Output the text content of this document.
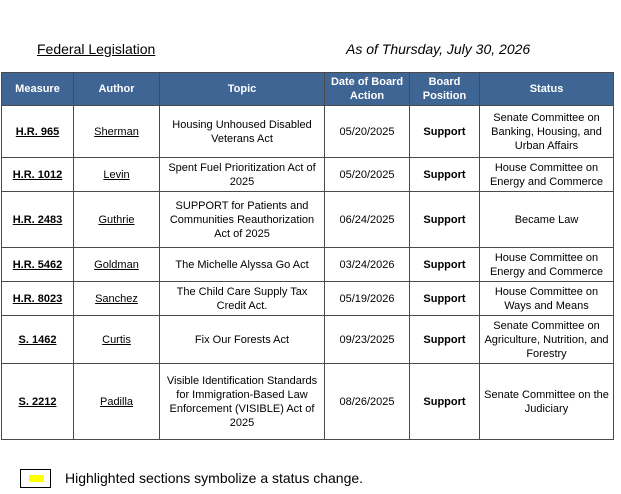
Federal Legislation	As of Thursday, July 30, 2026
Measure	Author	Topic	Date of Board Action	Board Position	Status
H.R. 965	Sherman	Housing Unhoused Disabled Veterans Act	05/20/2025	Support	Senate Committee on Banking, Housing, and Urban Affairs
H.R. 1012	Levin	Spent Fuel Prioritization Act of 2025	05/20/2025	Support	House Committee on Energy and Commerce
H.R. 2483	Guthrie	SUPPORT for Patients and Communities Reauthorization Act of 2025	06/24/2025	Support	Became Law
H.R. 5462	Goldman	The Michelle Alyssa Go Act	03/24/2026	Support	House Committee on Energy and Commerce
H.R. 8023	Sanchez	The Child Care Supply Tax Credit Act.	05/19/2026	Support	House Committee on Ways and Means
S. 1462	Curtis	Fix Our Forests Act	09/23/2025	Support	Senate Committee on Agriculture, Nutrition, and Forestry
S. 2212	Padilla	Visible Identification Standards for Immigration-Based Law Enforcement (VISIBLE) Act of 2025	08/26/2025	Support	Senate Committee on the Judiciary
Highlighted sections symbolize a status change.
